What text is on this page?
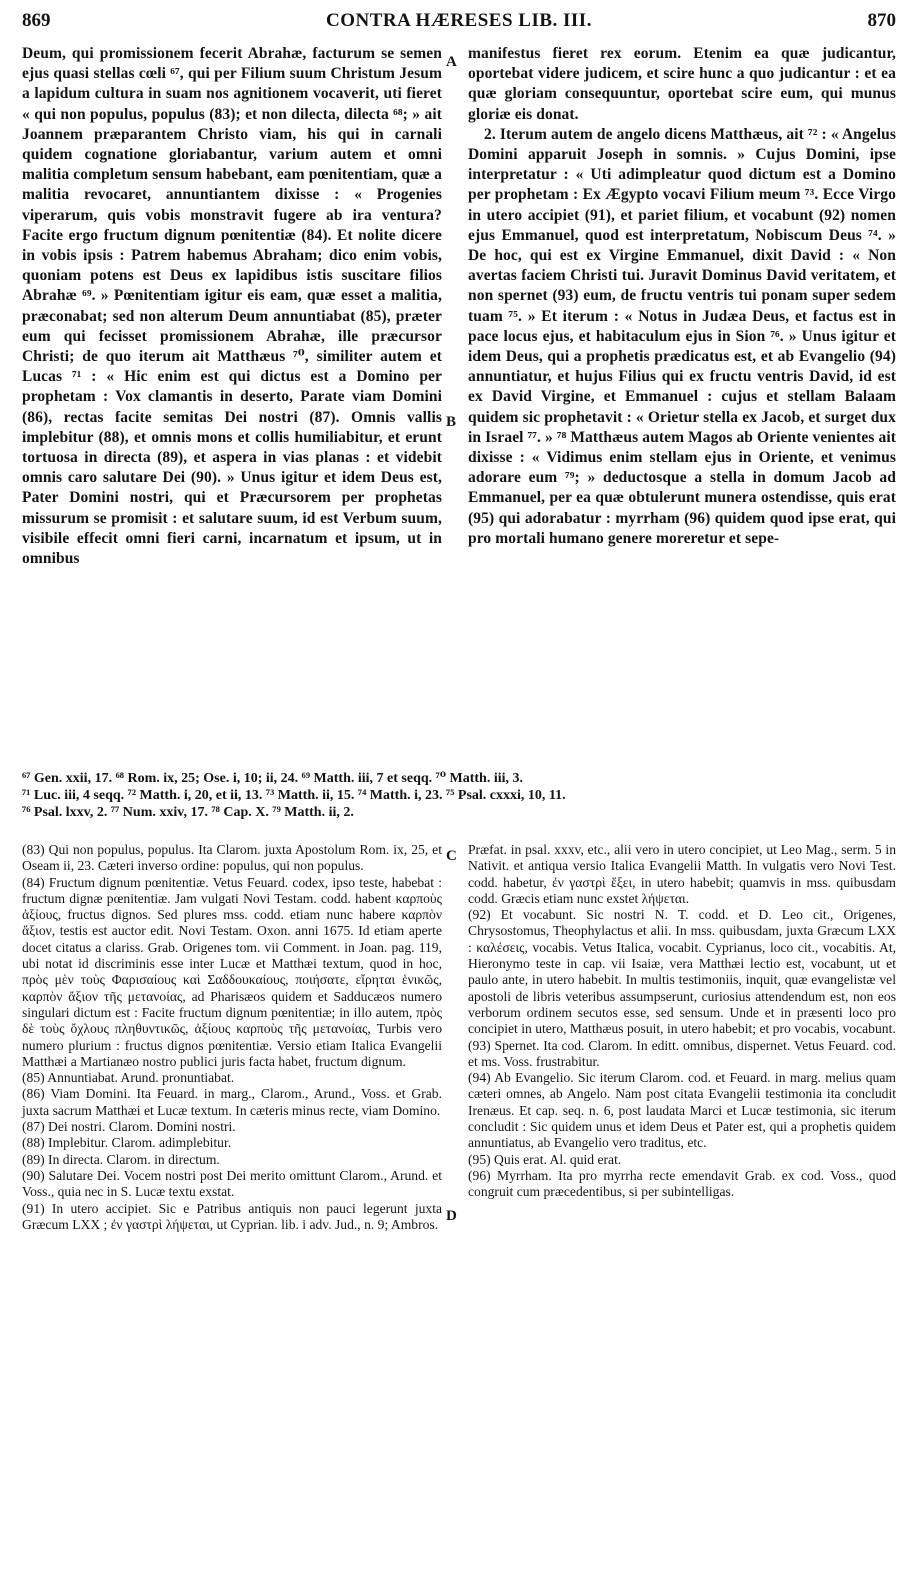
869	CONTRA HÆRESES LIB. III.	870

Deum, qui promissionem fecerit Abrahæ, facturum se semen ejus quasi stellas cœli ⁶⁷, qui per Filium suum Christum Jesum a lapidum cultura in suam nos agnitionem vocaverit, uti fieret « qui non populus, populus (83); et non dilecta, dilecta ⁶⁸; » ait Joannem præparantem Christo viam, his qui in carnali quidem cognatione gloriabantur, varium autem et omni malitia completum sensum habebant, eam pœnitentiam, quæ a malitia revocaret, annuntiantem dixisse : « Progenies viperarum, quis vobis monstravit fugere ab ira ventura? Facite ergo fructum dignum pœnitentiæ (84). Et nolite dicere in vobis ipsis : Patrem habemus Abraham; dico enim vobis, quoniam potens est Deus ex lapidibus istis suscitare filios Abrahæ ⁶⁹. » Pœnitentiam igitur eis eam, quæ esset a malitia, præconabat; sed non alterum Deum annuntiabat (85), præter eum qui fecisset promissionem Abrahæ, ille præcursor Christi; de quo iterum ait Matthæus ⁷⁰, similiter autem et Lucas ⁷¹ : « Hic enim est qui dictus est a Domino per prophetam : Vox clamantis in deserto, Parate viam Domini (86), rectas facite semitas Dei nostri (87). Omnis vallis implebitur (88), et omnis mons et collis humiliabitur, et erunt tortuosa in directa (89), et aspera in vias planas : et videbit omnis caro salutare Dei (90). » Unus igitur et idem Deus est, Pater Domini nostri, qui et Præcursorem per prophetas missurum se promisit : et salutare suum, id est Verbum suum, visibile effecit omni fieri carni, incarnatum et ipsum, ut in omnibus

manifestus fieret rex eorum. Etenim ea quæ judicantur, oportebat videre judicem, et scire hunc a quo judicantur : et ea quæ gloriam consequuntur, oportebat scire eum, qui munus gloriæ eis donat.

2. Iterum autem de angelo dicens Matthæus, ait ⁷² : « Angelus Domini apparuit Joseph in somnis. » Cujus Domini, ipse interpretatur : « Uti adimpleatur quod dictum est a Domino per prophetam : Ex Ægypto vocavi Filium meum ⁷³. Ecce Virgo in utero accipiet (91), et pariet filium, et vocabunt (92) nomen ejus Emmanuel, quod est interpretatum, Nobiscum Deus ⁷⁴. » De hoc, qui est ex Virgine Emmanuel, dixit David : « Non avertas faciem Christi tui. Juravit Dominus David veritatem, et non spernet (93) eum, de fructu ventris tui ponam super sedem tuam ⁷⁵. » Et iterum : « Notus in Judæa Deus, et factus est in pace locus ejus, et habitaculum ejus in Sion ⁷⁶. » Unus igitur et idem Deus, qui a prophetis prædicatus est, et ab Evangelio (94) annuntiatur, et hujus Filius qui ex fructu ventris David, id est ex David Virgine, et Emmanuel : cujus et stellam Balaam quidem sic prophetavit : « Orietur stella ex Jacob, et surget dux in Israel ⁷⁷. » ⁷⁸ Matthæus autem Magos ab Oriente venientes ait dixisse : « Vidimus enim stellam ejus in Oriente, et venimus adorare eum ⁷⁹; » deductosque a stella in domum Jacob ad Emmanuel, per ea quæ obtulerunt munera ostendisse, quis erat (95) qui adorabatur : myrrham (96) quidem quod ipse erat, qui pro mortali humano genere moreretur et sepe-

A
B
C
D
⁶⁷ Gen. xxii, 17. ⁶⁸ Rom. ix, 25; Ose. i, 10; ii, 24. ⁶⁹ Matth. iii, 7 et seqq. ⁷⁰ Matth. iii, 3.
⁷¹ Luc. iii, 4 seqq. ⁷² Matth. i, 20, et ii, 13. ⁷³ Matth. ii, 15. ⁷⁴ Matth. i, 23. ⁷⁵ Psal. cxxxi, 10, 11.
⁷⁶ Psal. lxxv, 2. ⁷⁷ Num. xxiv, 17. ⁷⁸ Cap. X. ⁷⁹ Matth. ii, 2.

(83) Qui non populus, populus. Ita Clarom. juxta Apostolum Rom. ix, 25, et Oseam ii, 23. Cæteri inverso ordine: populus, qui non populus.

(84) Fructum dignum pœnitentiæ. Vetus Feuard. codex, ipso teste, habebat : fructum dignæ pœnitentiæ. Jam vulgati Novi Testam. codd. habent καρποὺς ἀξίους, fructus dignos. Sed plures mss. codd. etiam nunc habere καρπὸν ἄξιον, testis est auctor edit. Novi Testam. Oxon. anni 1675. Id etiam aperte docet citatus a clariss. Grab. Origenes tom. vii Comment. in Joan. pag. 119, ubi notat id discriminis esse inter Lucæ et Matthæi textum, quod in hoc, πρὸς μὲν τοὺς Φαρισαίους καὶ Σαδδουκαίους, ποιήσατε, εἴρηται ἑνικῶς, καρπὸν ἄξιον τῆς μετανοίας, ad Pharisæos quidem et Sadducæos numero singulari dictum est : Facite fructum dignum pœnitentiæ; in illo autem, πρὸς δὲ τοὺς ὄχλους πληθυντικῶς, ἀξίους καρποὺς τῆς μετανοίας, Turbis vero numero plurium : fructus dignos pœnitentiæ. Versio etiam Italica Evangelii Matthæi a Martianæo nostro publici juris facta habet, fructum dignum.

(85) Annuntiabat. Arund. pronuntiabat.

(86) Viam Domini. Ita Feuard. in marg., Clarom., Arund., Voss. et Grab. juxta sacrum Matthæi et Lucæ textum. In cæteris minus recte, viam Domino.

(87) Dei nostri. Clarom. Domini nostri.

(88) Implebitur. Clarom. adimplebitur.

(89) In directa. Clarom. in directum.

(90) Salutare Dei. Vocem nostri post Dei merito omittunt Clarom., Arund. et Voss., quia nec in S. Lucæ textu exstat.

(91) In utero accipiet. Sic e Patribus antiquis non pauci legerunt juxta Græcum LXX ; ἐν γαστρὶ λήψεται, ut Cyprian. lib. i adv. Jud., n. 9; Ambros.

Præfat. in psal. xxxv, etc., alii vero in utero concipiet, ut Leo Mag., serm. 5 in Nativit. et antiqua versio Italica Evangelii Matth. In vulgatis vero Novi Test. codd. habetur, ἐν γαστρὶ ἕξει, in utero habebit; quamvis in mss. quibusdam codd. Græcis etiam nunc exstet λήψεται.

(92) Et vocabunt. Sic nostri N. T. codd. et D. Leo cit., Origenes, Chrysostomus, Theophylactus et alii. In mss. quibusdam, juxta Græcum LXX : καλέσεις, vocabis. Vetus Italica, vocabit. Cyprianus, loco cit., vocabitis. At, Hieronymo teste in cap. vii Isaiæ, vera Matthæi lectio est, vocabunt, ut et paulo ante, in utero habebit. In multis testimoniis, inquit, quæ evangelistæ vel apostoli de libris veteribus assumpserunt, curiosius attendendum est, non eos verborum ordinem secutos esse, sed sensum. Unde et in præsenti loco pro concipiet in utero, Matthæus posuit, in utero habebit; et pro vocabis, vocabunt.

(93) Spernet. Ita cod. Clarom. In editt. omnibus, dispernet. Vetus Feuard. cod. et ms. Voss. frustrabitur.

(94) Ab Evangelio. Sic iterum Clarom. cod. et Feuard. in marg. melius quam cæteri omnes, ab Angelo. Nam post citata Evangelii testimonia ita concludit Irenæus. Et cap. seq. n. 6, post laudata Marci et Lucæ testimonia, sic iterum concludit : Sic quidem unus et idem Deus et Pater est, qui a prophetis quidem annuntiatus, ab Evangelio vero traditus, etc.

(95) Quis erat. Al. quid erat.

(96) Myrrham. Ita pro myrrha recte emendavit Grab. ex cod. Voss., quod congruit cum præcedentibus, si per subintelligas.
